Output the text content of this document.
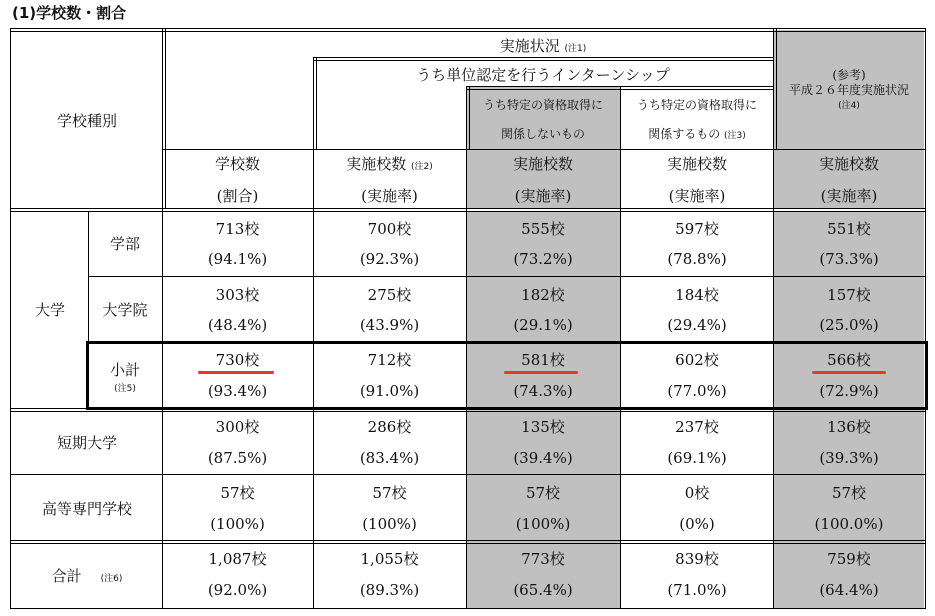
(1)学校数・割合
学校種別
実施状況 (注1)
うち単位認定を行うインターンシップ
うち特定の資格取得に
関係しないもの
うち特定の資格取得に
関係するもの (注3)
(参考)
平成２６年度実施状況
(注4)
学校数
(割合)
実施校数 (注2)
(実施率)
実施校数
(実施率)
実施校数
(実施率)
実施校数
(実施率)
大学
学部
大学院
小計
(注5)
短期大学
高等専門学校
合計 (注6)
713校
(94.1%)
700校
(92.3%)
555校
(73.2%)
597校
(78.8%)
551校
(73.3%)
303校
(48.4%)
275校
(43.9%)
182校
(29.1%)
184校
(29.4%)
157校
(25.0%)
730校
(93.4%)
712校
(91.0%)
581校
(74.3%)
602校
(77.0%)
566校
(72.9%)
300校
(87.5%)
286校
(83.4%)
135校
(39.4%)
237校
(69.1%)
136校
(39.3%)
57校
(100%)
57校
(100%)
57校
(100%)
0校
(0%)
57校
(100.0%)
1,087校
(92.0%)
1,055校
(89.3%)
773校
(65.4%)
839校
(71.0%)
759校
(64.4%)
